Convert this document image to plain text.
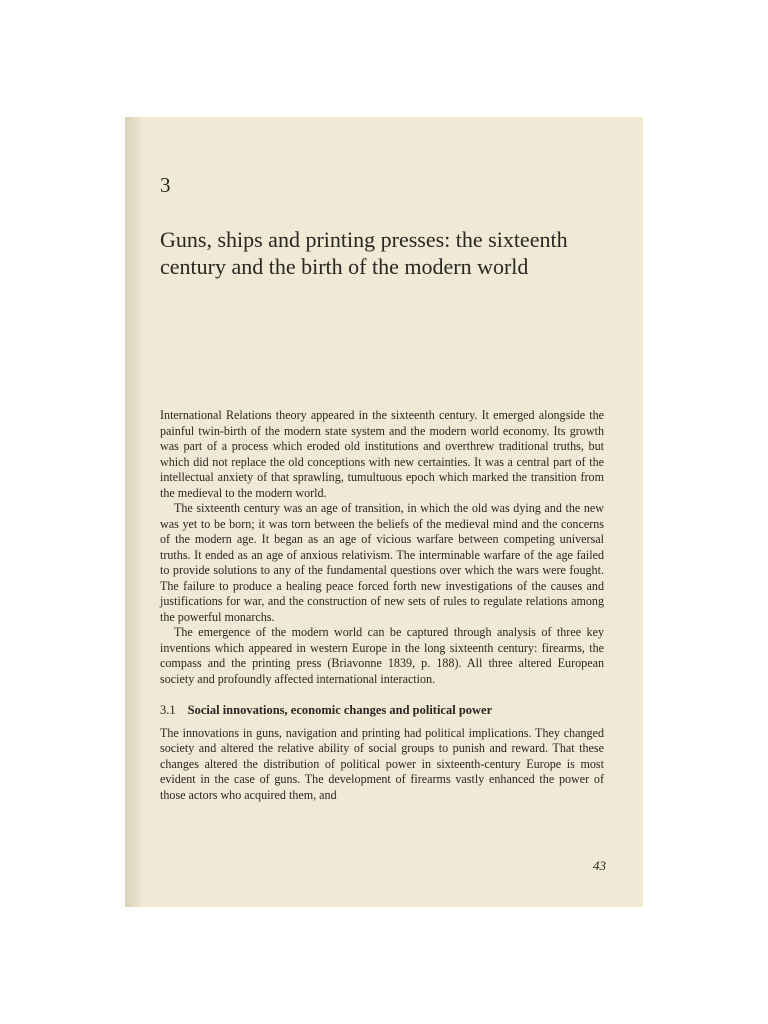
3
Guns, ships and printing presses: the sixteenth century and the birth of the modern world

International Relations theory appeared in the sixteenth century. It emerged alongside the painful twin-birth of the modern state system and the modern world economy. Its growth was part of a process which eroded old institutions and overthrew traditional truths, but which did not replace the old conceptions with new certainties. It was a central part of the intellectual anxiety of that sprawling, tumultuous epoch which marked the transition from the medieval to the modern world.

The sixteenth century was an age of transition, in which the old was dying and the new was yet to be born; it was torn between the beliefs of the medieval mind and the concerns of the modern age. It began as an age of vicious warfare between competing universal truths. It ended as an age of anxious relativism. The interminable warfare of the age failed to provide solutions to any of the fundamental questions over which the wars were fought. The failure to produce a healing peace forced forth new investigations of the causes and justifications for war, and the construction of new sets of rules to regulate relations among the powerful monarchs.

The emergence of the modern world can be captured through analysis of three key inventions which appeared in western Europe in the long sixteenth century: firearms, the compass and the printing press (Briavonne 1839, p. 188). All three altered European society and profoundly affected international interaction.

3.1 Social innovations, economic changes and political power

The innovations in guns, navigation and printing had political implications. They changed society and altered the relative ability of social groups to punish and reward. That these changes altered the distribution of political power in sixteenth-century Europe is most evident in the case of guns. The development of firearms vastly enhanced the power of those actors who acquired them, and

43
